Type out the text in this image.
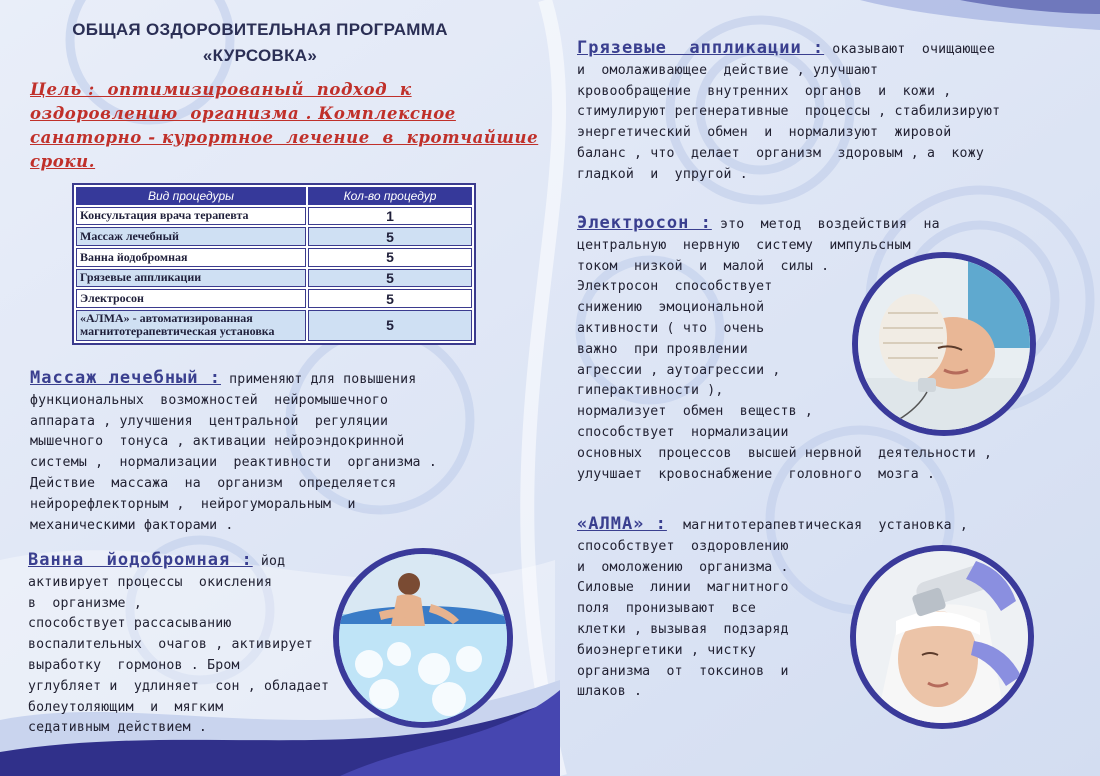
ОБЩАЯ ОЗДОРОВИТЕЛЬНАЯ ПРОГРАММА
«КУРСОВКА»
Цель :  оптимизированый  подход  к
оздоровлению  организма . Комплексное
санаторно - курортное  лечение  в  кротчайшие
сроки.
Вид процедуры	Кол-во процедур
Консультация врача терапевта	1
Массаж лечебный	5
Ванна йодобромная	5
Грязевые аппликации	5
Электросон	5

«АЛМА» - автоматизированная
магнитотерапевтическая установка	5
Массаж лечебный : применяют для повышения
функциональных  возможностей  нейромышечного
аппарата , улучшения  центральной  регуляции
мышечного  тонуса , активации нейроэндокринной
системы ,  нормализации  реактивности  организма .
Действие  массажа  на  организм  определяется
нейрорефлекторным ,  нейрогуморальным  и
механическими факторами .
Ванна  йодобромная : йод
активирует процессы  окисления
в  организме ,
способствует рассасыванию
воспалительных  очагов , активирует
выработку  гормонов . Бром
углубляет и  удлиняет  сон , обладает
болеутоляющим  и  мягким
седативным действием .
Грязевые  аппликации : оказывают  очищающее
и  омолаживающее  действие , улучшают
кровообращение  внутренних  органов  и  кожи ,
стимулируют регенеративные  процессы , стабилизируют
энергетический  обмен  и  нормализуют  жировой
баланс , что  делает  организм  здоровым , а  кожу
гладкой  и  упругой .
Электросон : это  метод  воздействия  на
центральную  нервную  систему  импульсным
током  низкой  и  малой  силы .
Электросон  способствует
снижению  эмоциональной
активности ( что  очень
важно  при проявлении
агрессии , аутоагрессии ,
гиперактивности ),
нормализует  обмен  веществ ,
способствует  нормализации
основных  процессов  высшей нервной  деятельности ,
улучшает  кровоснабжение  головного  мозга .
«АЛМА» :  магнитотерапевтическая  установка ,
способствует  оздоровлению
и  омоложению  организма .
Силовые  линии  магнитного
поля  пронизывают  все
клетки , вызывая  подзаряд
биоэнергетики , чистку
организма  от  токсинов  и
шлаков .
